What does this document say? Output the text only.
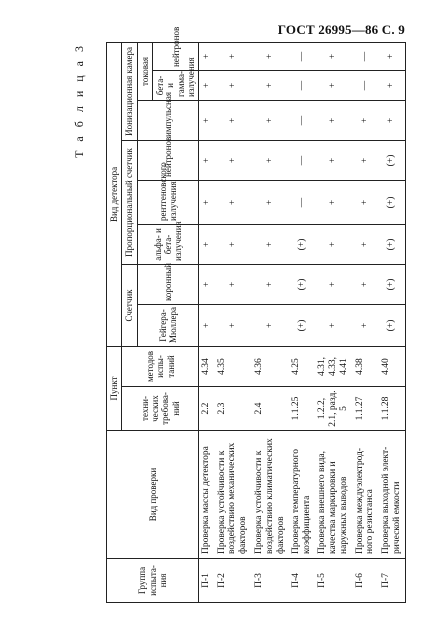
ГОСТ 26995—86 С. 9
Т а б л и ц а 3
Группа испыта-ния	Вид проверки	Пункт		Вид детектора							
		техни-ческих требова-ний	методов испы-таний	Счетчик		Пропорциональный счетчик			Ионизационная камера		
				Гейгера-Мюллера	коронный	альфа- и бета-излучения	рентгеновского излучения	нейтронов	импульсная	токовая	
										бета- и гамма-излучения	нейтронов
П-1	Проверка массы детектора	2.2	4.34	+	+	+	+	+	+	+	+
П-2	Проверка устойчивости к воздействию механических факторов	2.3	4.35	+	+	+	+	+	+	+	+
П-3	Проверка устойчивости к воздействию климатических факторов	2.4	4.36	+	+	+	+	+	+	+	+
П-4	Проверка температурного коэффициента	1.1.25	4.25	(+)	(+)	(+)	—	—	—	—	—
П-5	Проверка внешнего вида, качества маркировки и наружных выводов	1.2.2, 2.1, разд. 5	4.31, 4.33, 4.41	+	+	+	+	+	+	+	+
П-6	Проверка междуэлектрод-ного резистанса	1.1.27	4.38	+	+	+	+	+	+	—	—
П-7	Проверка выходной элект-рической емкости	1.1.28	4.40	(+)	(+)	(+)	(+)	(+)	+	+	+
